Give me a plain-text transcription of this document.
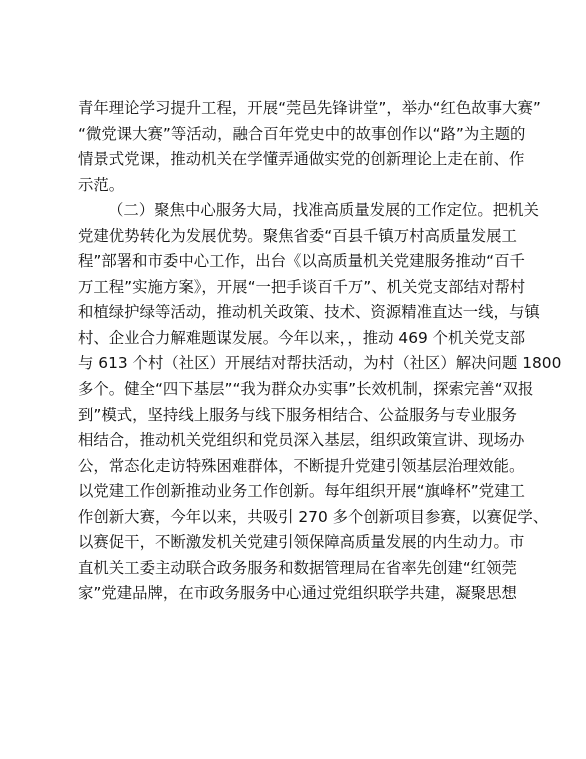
青年理论学习提升工程，开展“莞邑先锋讲堂”，举办“红色故事大赛”
“微党课大赛”等活动，融合百年党史中的故事创作以“路”为主题的
情景式党课，推动机关在学懂弄通做实党的创新理论上走在前、作
示范。
（二）聚焦中心服务大局，找准高质量发展的工作定位。把机关
党建优势转化为发展优势。聚焦省委“百县千镇万村高质量发展工
程”部署和市委中心工作，出台《以高质量机关党建服务推动“百千
万工程”实施方案》，开展“一把手谈百千万”、机关党支部结对帮村
和植绿护绿等活动，推动机关政策、技术、资源精准直达一线，与镇
村、企业合力解难题谋发展。今年以来，，推动 469 个机关党支部
与 613 个村（社区）开展结对帮扶活动，为村（社区）解决问题 1800
多个。健全“四下基层”“我为群众办实事”长效机制，探索完善“双报
到”模式，坚持线上服务与线下服务相结合、公益服务与专业服务
相结合，推动机关党组织和党员深入基层，组织政策宣讲、现场办
公，常态化走访特殊困难群体，不断提升党建引领基层治理效能。
以党建工作创新推动业务工作创新。每年组织开展“旗峰杯”党建工
作创新大赛，今年以来，共吸引 270 多个创新项目参赛，以赛促学、
以赛促干，不断激发机关党建引领保障高质量发展的内生动力。市
直机关工委主动联合政务服务和数据管理局在省率先创建“红领莞
家”党建品牌，在市政务服务中心通过党组织联学共建，凝聚思想
